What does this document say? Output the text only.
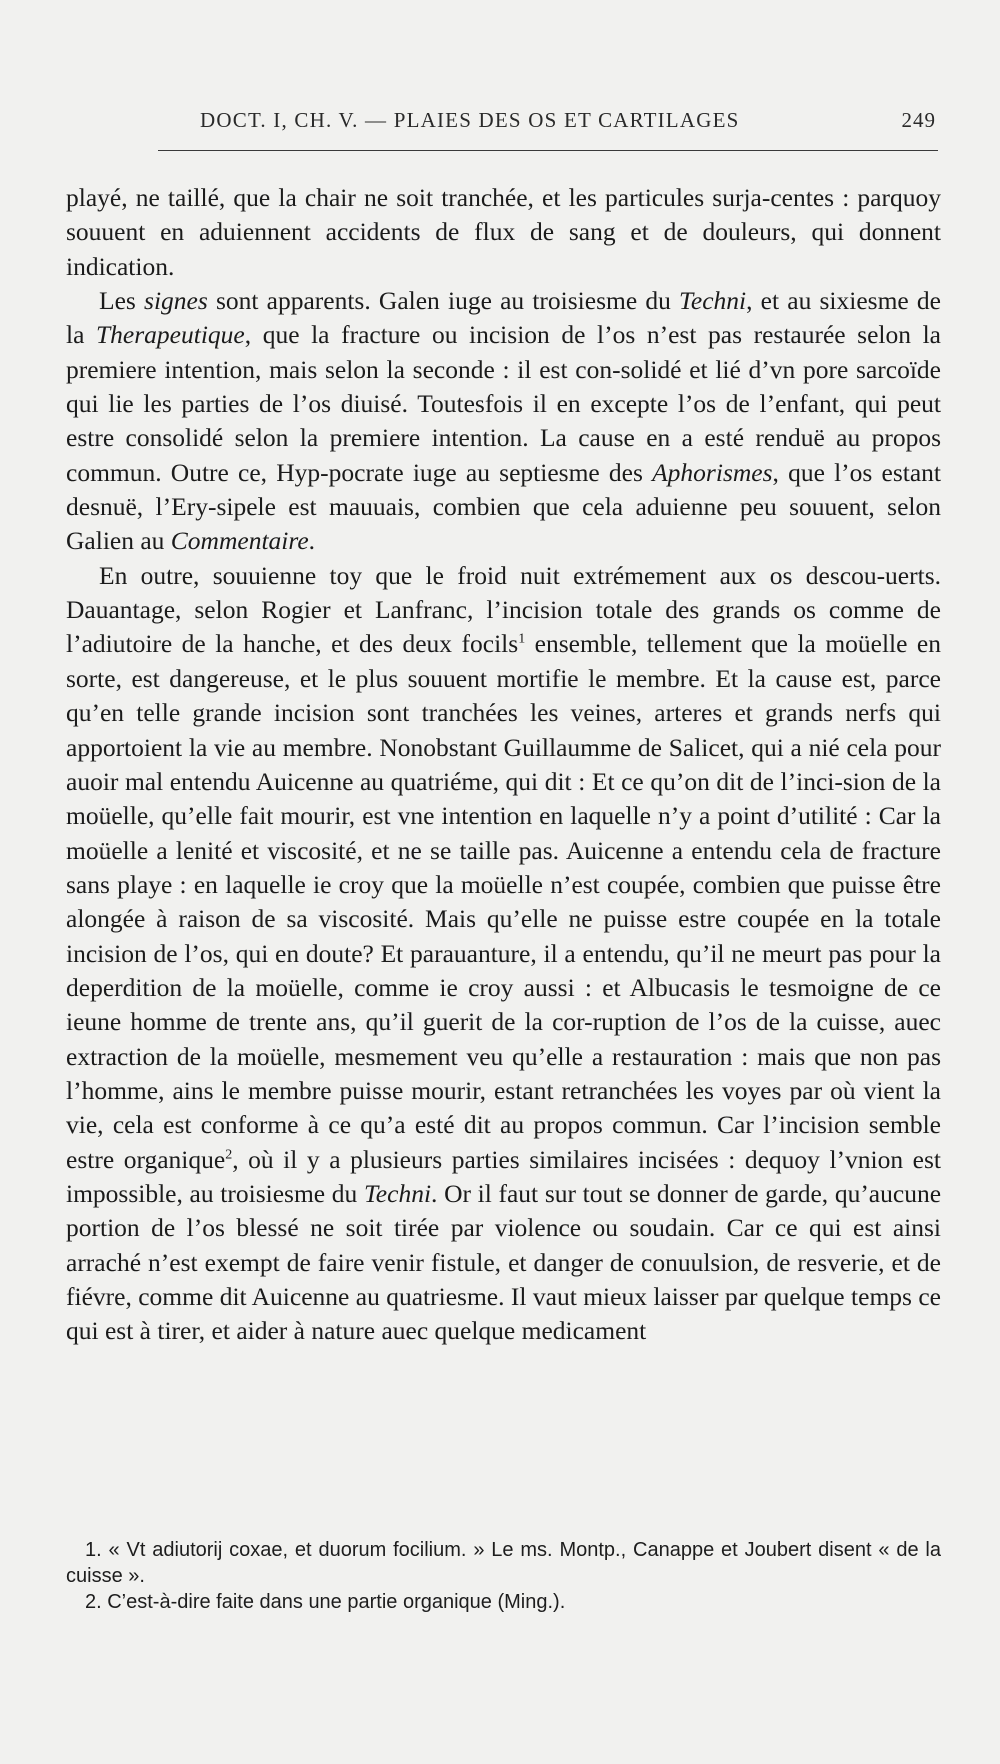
DOCT. I, CH. V. — PLAIES DES OS ET CARTILAGES	249

playé, ne taillé, que la chair ne soit tranchée, et les particules surja-centes : parquoy souuent en aduiennent accidents de flux de sang et de douleurs, qui donnent indication.

Les signes sont apparents. Galen iuge au troisiesme du Techni, et au sixiesme de la Therapeutique, que la fracture ou incision de l’os n’est pas restaurée selon la premiere intention, mais selon la seconde : il est con-solidé et lié d’vn pore sarcoïde qui lie les parties de l’os diuisé. Toutesfois il en excepte l’os de l’enfant, qui peut estre consolidé selon la premiere intention. La cause en a esté renduë au propos commun. Outre ce, Hyp-pocrate iuge au septiesme des Aphorismes, que l’os estant desnuë, l’Ery-sipele est mauuais, combien que cela aduienne peu souuent, selon Galien au Commentaire.

En outre, souuienne toy que le froid nuit extrémement aux os descou-uerts. Dauantage, selon Rogier et Lanfranc, l’incision totale des grands os comme de l’adiutoire de la hanche, et des deux focils$^1$ ensemble, tellement que la moüelle en sorte, est dangereuse, et le plus souuent mortifie le membre. Et la cause est, parce qu’en telle grande incision sont tranchées les veines, arteres et grands nerfs qui apportoient la vie au membre. Nonobstant Guillaumme de Salicet, qui a nié cela pour auoir mal entendu Auicenne au quatriéme, qui dit : Et ce qu’on dit de l’inci-sion de la moüelle, qu’elle fait mourir, est vne intention en laquelle n’y a point d’utilité : Car la moüelle a lenité et viscosité, et ne se taille pas. Auicenne a entendu cela de fracture sans playe : en laquelle ie croy que la moüelle n’est coupée, combien que puisse être alongée à raison de sa viscosité. Mais qu’elle ne puisse estre coupée en la totale incision de l’os, qui en doute? Et parauanture, il a entendu, qu’il ne meurt pas pour la deperdition de la moüelle, comme ie croy aussi : et Albucasis le tesmoigne de ce ieune homme de trente ans, qu’il guerit de la cor-ruption de l’os de la cuisse, auec extraction de la moüelle, mesmement veu qu’elle a restauration : mais que non pas l’homme, ains le membre puisse mourir, estant retranchées les voyes par où vient la vie, cela est conforme à ce qu’a esté dit au propos commun. Car l’incision semble estre organique$^2$, où il y a plusieurs parties similaires incisées : dequoy l’vnion est impossible, au troisiesme du Techni. Or il faut sur tout se donner de garde, qu’aucune portion de l’os blessé ne soit tirée par violence ou soudain. Car ce qui est ainsi arraché n’est exempt de faire venir fistule, et danger de conuulsion, de resverie, et de fiévre, comme dit Auicenne au quatriesme. Il vaut mieux laisser par quelque temps ce qui est à tirer, et aider à nature auec quelque medicament

1. « Vt adiutorij coxae, et duorum focilium. » Le ms. Montp., Canappe et Joubert disent « de la cuisse ».

2. C’est-à-dire faite dans une partie organique (Ming.).
